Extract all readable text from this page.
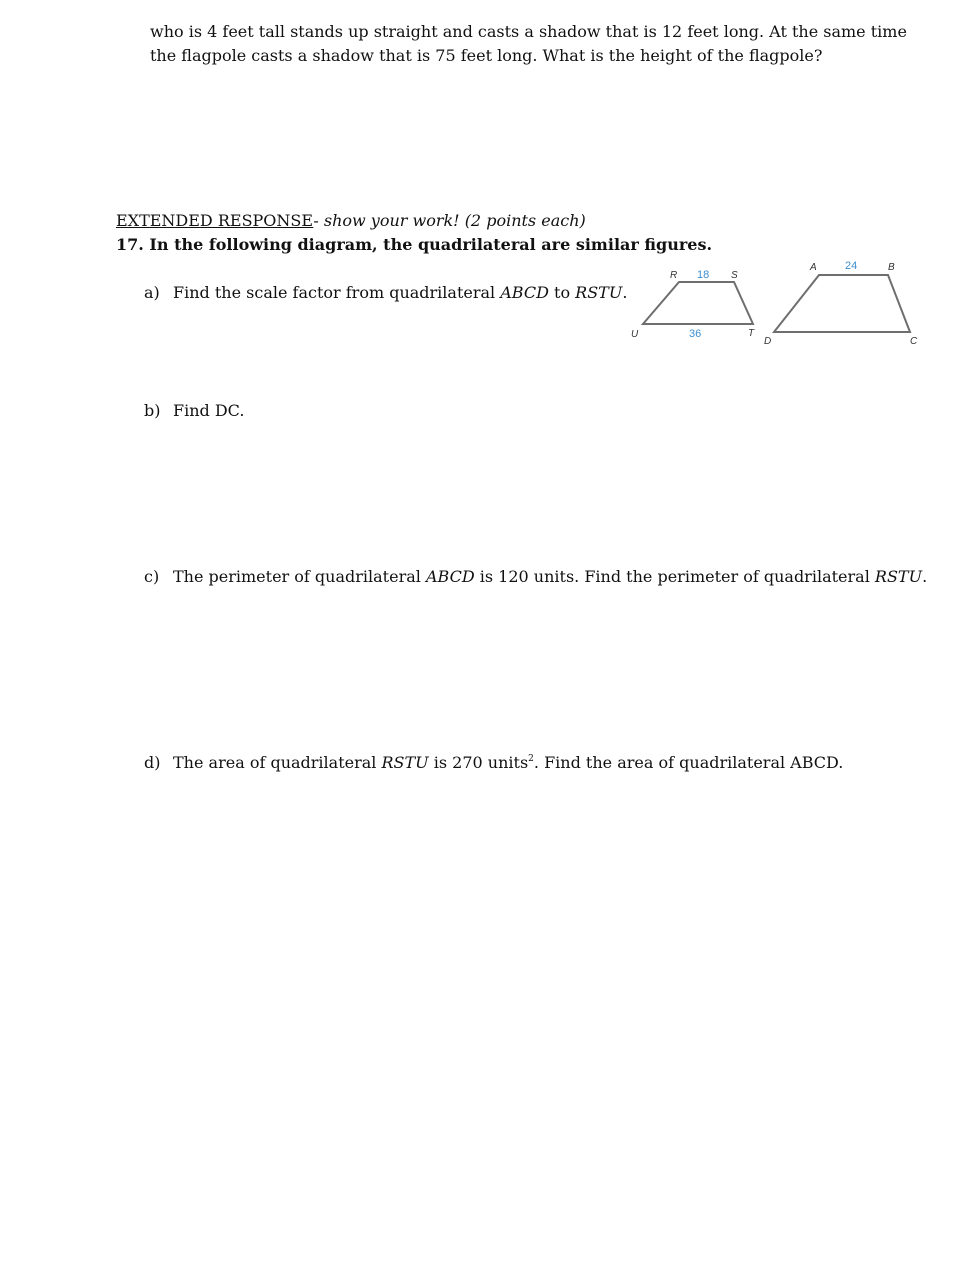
who is 4 feet tall stands up straight and casts a shadow that is 12 feet long. At the same time
the flagpole casts a shadow that is 75 feet long. What is the height of the flagpole?
EXTENDED RESPONSE- show your work! (2 points each)
17. In the following diagram, the quadrilateral are similar figures.
a) Find the scale factor from quadrilateral ABCD to RSTU.
b) Find DC.
c) The perimeter of quadrilateral ABCD is 120 units. Find the perimeter of quadrilateral RSTU.
d) The area of quadrilateral RSTU is 270 units$^2$. Find the area of quadrilateral ABCD.
R 18 S
U	36	T
A	24	B
D	C
